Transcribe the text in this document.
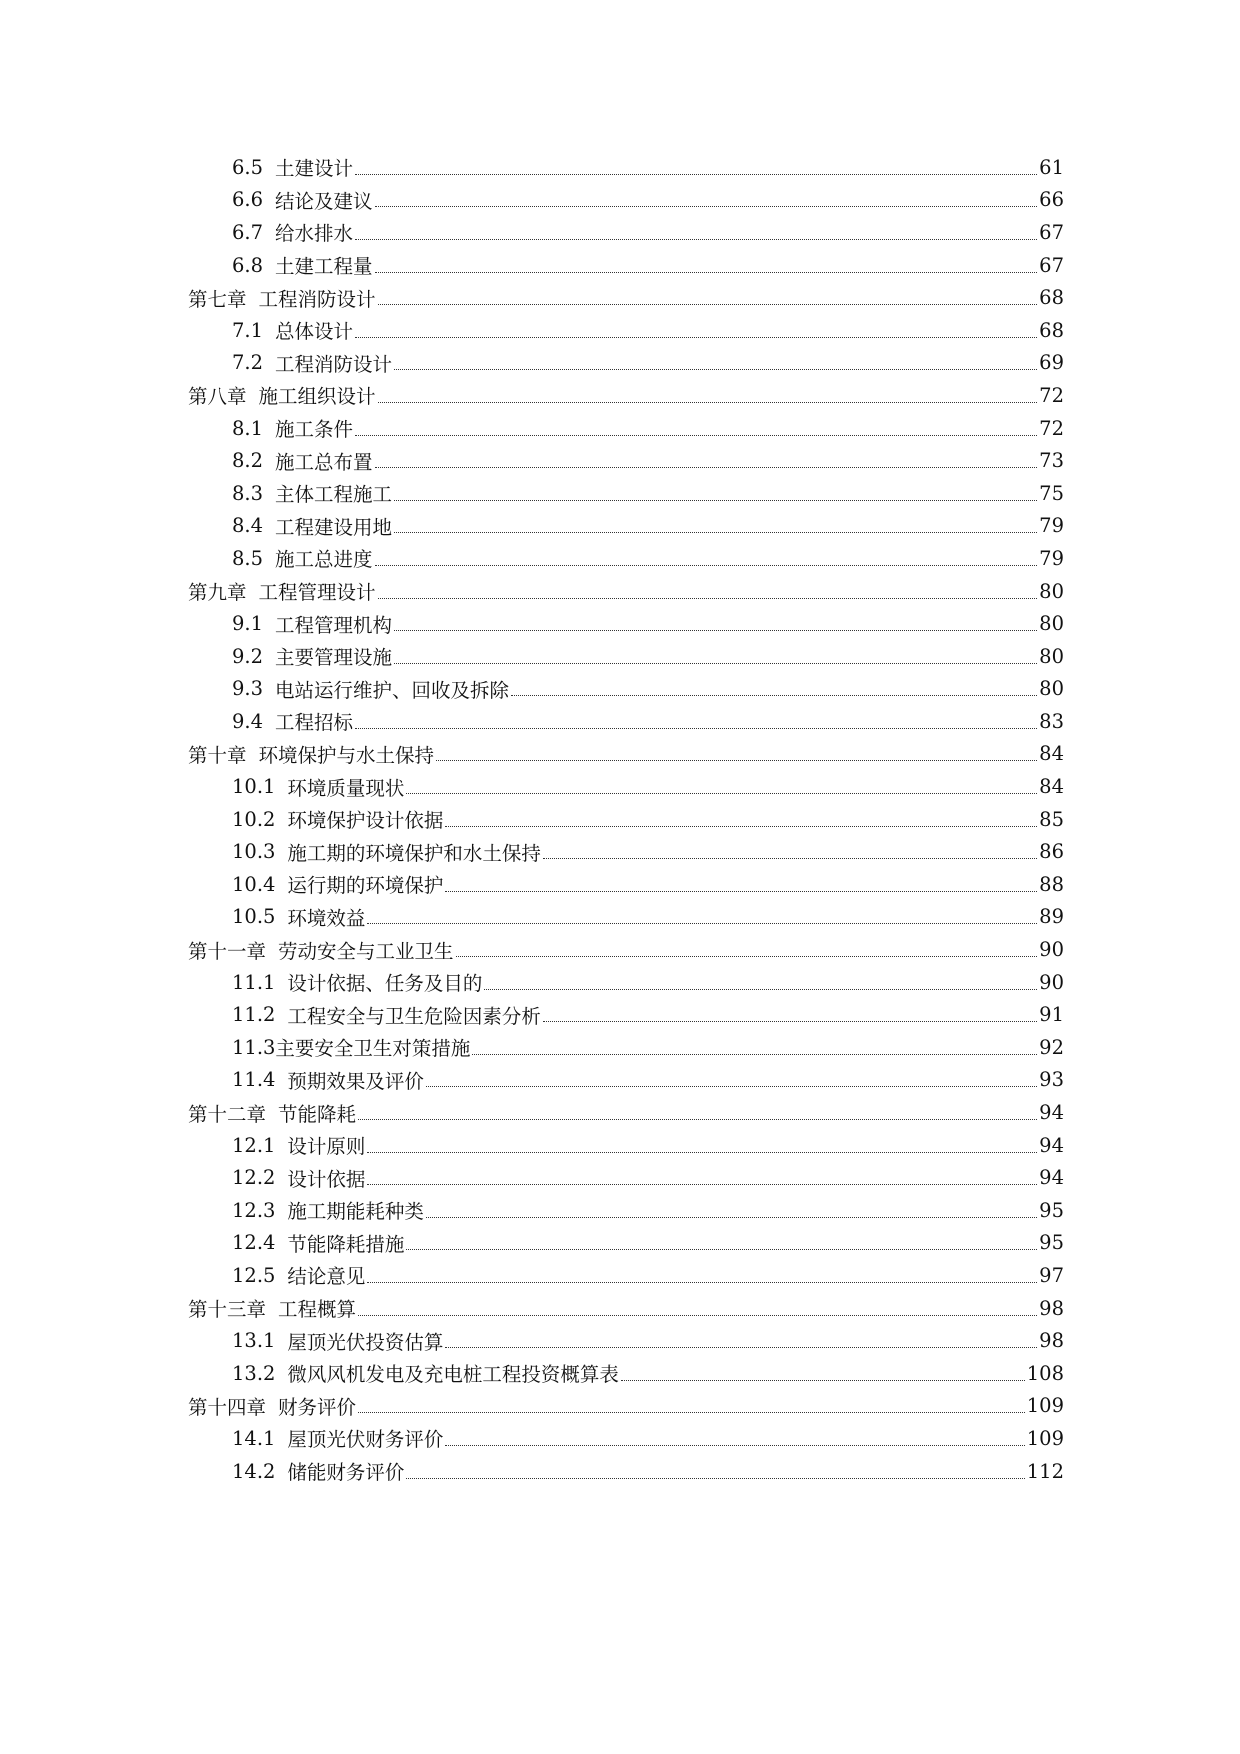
6.5 土建设计	61
6.6 结论及建议	66
6.7 给水排水	67
6.8 土建工程量	67
第七章 工程消防设计	68
7.1 总体设计	68
7.2 工程消防设计	69
第八章 施工组织设计	72
8.1 施工条件	72
8.2 施工总布置	73
8.3 主体工程施工	75
8.4 工程建设用地	79
8.5 施工总进度	79
第九章 工程管理设计	80
9.1 工程管理机构	80
9.2 主要管理设施	80
9.3 电站运行维护、回收及拆除	80
9.4 工程招标	83
第十章 环境保护与水土保持	84
10.1 环境质量现状	84
10.2 环境保护设计依据	85
10.3 施工期的环境保护和水土保持	86
10.4 运行期的环境保护	88
10.5 环境效益	89
第十一章 劳动安全与工业卫生	90
11.1 设计依据、任务及目的	90
11.2 工程安全与卫生危险因素分析	91
11.3 主要安全卫生对策措施	92
11.4 预期效果及评价	93
第十二章 节能降耗	94
12.1 设计原则	94
12.2 设计依据	94
12.3 施工期能耗种类	95
12.4 节能降耗措施	95
12.5 结论意见	97
第十三章 工程概算	98
13.1 屋顶光伏投资估算	98
13.2 微风风机发电及充电桩工程投资概算表	108
第十四章 财务评价	109
14.1 屋顶光伏财务评价	109
14.2 储能财务评价	112
